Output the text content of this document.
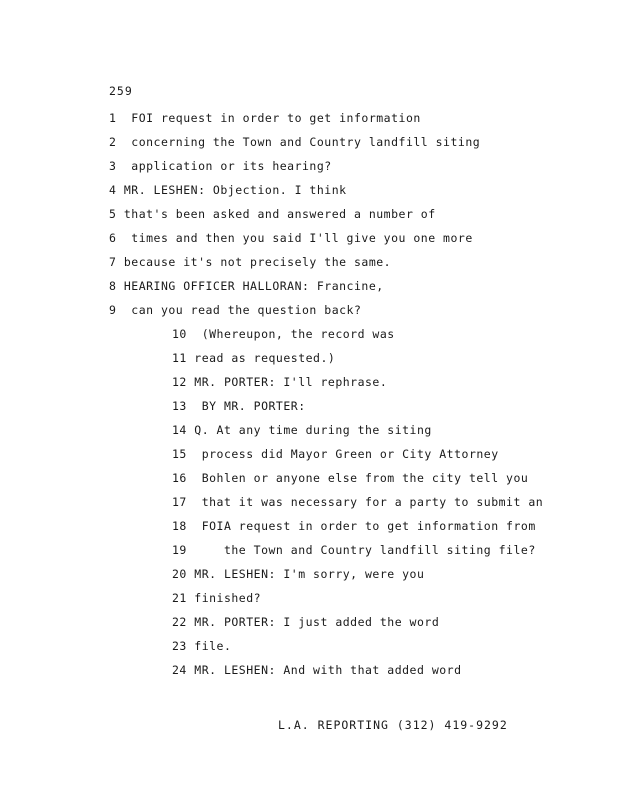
259
1  FOI request in order to get information
2  concerning the Town and Country landfill siting
3  application or its hearing?
4 MR. LESHEN: Objection. I think
5 that's been asked and answered a number of
6  times and then you said I'll give you one more
7 because it's not precisely the same.
8 HEARING OFFICER HALLORAN: Francine,
9  can you read the question back?
10  (Whereupon, the record was
11 read as requested.)
12 MR. PORTER: I'll rephrase.
13  BY MR. PORTER:
14 Q. At any time during the siting
15  process did Mayor Green or City Attorney
16  Bohlen or anyone else from the city tell you
17  that it was necessary for a party to submit an
18  FOIA request in order to get information from
19     the Town and Country landfill siting file?
20 MR. LESHEN: I'm sorry, were you
21 finished?
22 MR. PORTER: I just added the word
23 file.
24 MR. LESHEN: And with that added word
L.A. REPORTING (312) 419-9292
